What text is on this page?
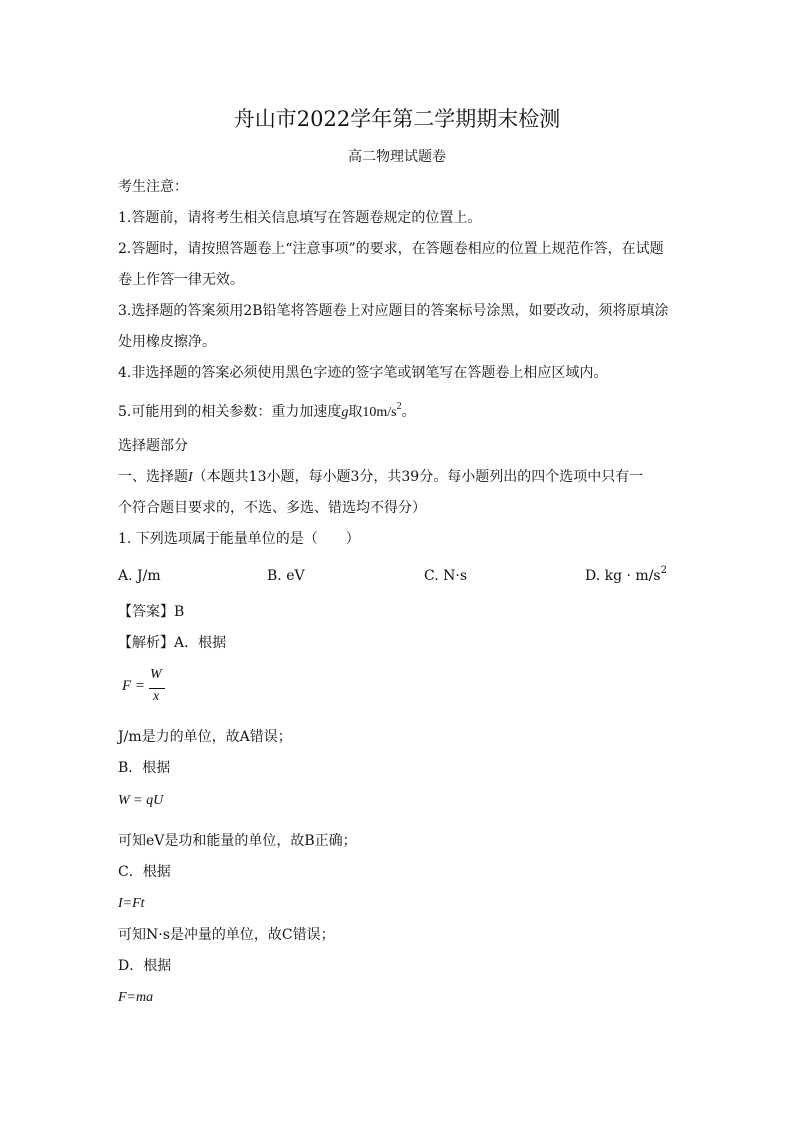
舟山市2022学年第二学期期末检测
高二物理试题卷
考生注意：
1.答题前，请将考生相关信息填写在答题卷规定的位置上。
2.答题时，请按照答题卷上“注意事项”的要求，在答题卷相应的位置上规范作答，在试题
卷上作答一律无效。
3.选择题的答案须用2B铅笔将答题卷上对应题目的答案标号涂黑，如要改动，须将原填涂
处用橡皮擦净。
4.非选择题的答案必须使用黑色字迹的签字笔或钢笔写在答题卷上相应区域内。
5.可能用到的相关参数：重力加速度g取$10m/s^2$。
选择题部分
一、选择题I（本题共13小题，每小题3分，共39分。每小题列出的四个选项中只有一
个符合题目要求的，不选、多选、错选均不得分）
1. 下列选项属于能量单位的是（　　）
A. J/m	B. eV	C. N·s	D. kg · $m/s^2$
【答案】B
【解析】A．根据
F =
W
x
J/m是力的单位，故A错误；
B．根据
W = qU
可知eV是功和能量的单位，故B正确；
C．根据
I=Ft
可知N·s是冲量的单位，故C错误；
D．根据
F=ma
